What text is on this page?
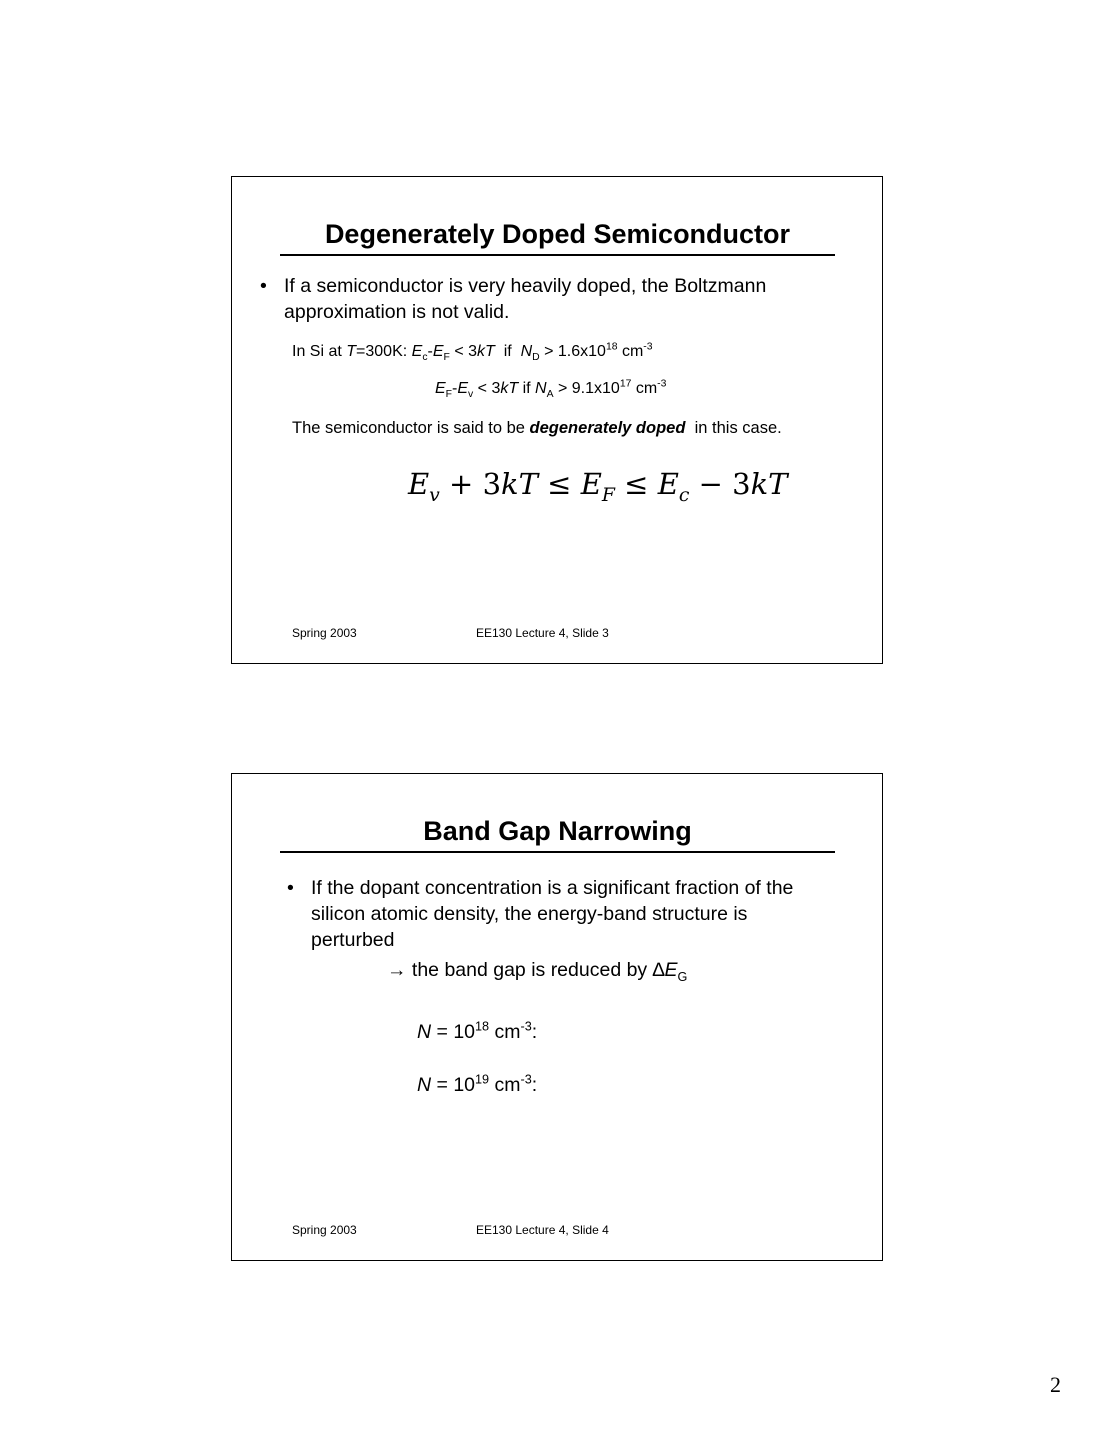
Degenerately Doped Semiconductor
• If a semiconductor is very heavily doped, the Boltzmann approximation is not valid.
In Si at T=300K: $E_c-E_F < 3kT$  if  $N_D > 1.6x10^{18}$ $cm^{-3}$
$E_F-E_v < 3kT$ if $N_A > 9.1x10^{17}$ $cm^{-3}$
The semiconductor is said to be degenerately doped  in this case.
$E_v + 3kT \le E_F \le E_c - 3kT$
Spring 2003	EE130 Lecture 4, Slide 3
Band Gap Narrowing
• If the dopant concentration is a significant fraction of the silicon atomic density, the energy-band structure is perturbed
→ the band gap is reduced by $\Delta E_G$
$N = 10^{18}$ $cm^{-3}$:
$N = 10^{19}$ $cm^{-3}$:
Spring 2003	EE130 Lecture 4, Slide 4
2
